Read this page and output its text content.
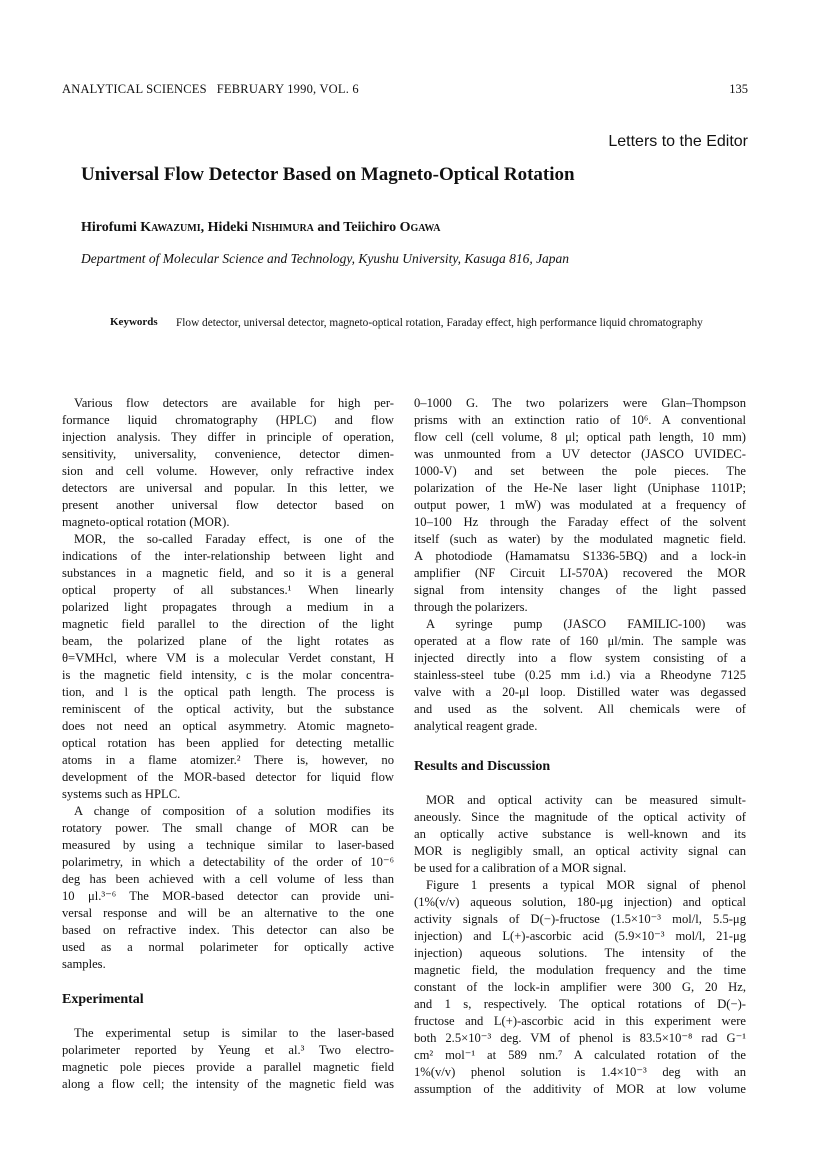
ANALYTICAL SCIENCES   FEBRUARY 1990, VOL. 6	135
Letters to the Editor
Universal Flow Detector Based on Magneto-Optical Rotation
Hirofumi Kawazumi, Hideki Nishimura and Teiichiro Ogawa
Department of Molecular Science and Technology, Kyushu University, Kasuga 816, Japan
Keywords Flow detector, universal detector, magneto-optical rotation, Faraday effect, high performance liquid chromatography
Various flow detectors are available for high per-
formance liquid chromatography (HPLC) and flow
injection analysis. They differ in principle of operation,
sensitivity, universality, convenience, detector dimen-
sion and cell volume. However, only refractive index
detectors are universal and popular. In this letter, we
present another universal flow detector based on
magneto-optical rotation (MOR).
MOR, the so-called Faraday effect, is one of the
indications of the inter-relationship between light and
substances in a magnetic field, and so it is a general
optical property of all substances.¹ When linearly
polarized light propagates through a medium in a
magnetic field parallel to the direction of the light
beam, the polarized plane of the light rotates as
θ=VMHcl, where VM is a molecular Verdet constant, H
is the magnetic field intensity, c is the molar concentra-
tion, and l is the optical path length. The process is
reminiscent of the optical activity, but the substance
does not need an optical asymmetry. Atomic magneto-
optical rotation has been applied for detecting metallic
atoms in a flame atomizer.² There is, however, no
development of the MOR-based detector for liquid flow
systems such as HPLC.
A change of composition of a solution modifies its
rotatory power. The small change of MOR can be
measured by using a technique similar to laser-based
polarimetry, in which a detectability of the order of 10⁻⁶
deg has been achieved with a cell volume of less than
10 μl.³⁻⁶ The MOR-based detector can provide uni-
versal response and will be an alternative to the one
based on refractive index. This detector can also be
used as a normal polarimeter for optically active
samples.
Experimental
The experimental setup is similar to the laser-based
polarimeter reported by Yeung et al.³ Two electro-
magnetic pole pieces provide a parallel magnetic field
along a flow cell; the intensity of the magnetic field was
0–1000 G. The two polarizers were Glan–Thompson
prisms with an extinction ratio of 10⁶. A conventional
flow cell (cell volume, 8 μl; optical path length, 10 mm)
was unmounted from a UV detector (JASCO UVIDEC-
1000-V) and set between the pole pieces. The
polarization of the He-Ne laser light (Uniphase 1101P;
output power, 1 mW) was modulated at a frequency of
10–100 Hz through the Faraday effect of the solvent
itself (such as water) by the modulated magnetic field.
A photodiode (Hamamatsu S1336-5BQ) and a lock-in
amplifier (NF Circuit LI-570A) recovered the MOR
signal from intensity changes of the light passed
through the polarizers.
A syringe pump (JASCO FAMILIC-100) was
operated at a flow rate of 160 μl/min. The sample was
injected directly into a flow system consisting of a
stainless-steel tube (0.25 mm i.d.) via a Rheodyne 7125
valve with a 20-μl loop. Distilled water was degassed
and used as the solvent. All chemicals were of
analytical reagent grade.
Results and Discussion
MOR and optical activity can be measured simult-
aneously. Since the magnitude of the optical activity of
an optically active substance is well-known and its
MOR is negligibly small, an optical activity signal can
be used for a calibration of a MOR signal.
Figure 1 presents a typical MOR signal of phenol
(1%(v/v) aqueous solution, 180-μg injection) and optical
activity signals of D(−)-fructose (1.5×10⁻³ mol/l, 5.5-μg
injection) and L(+)-ascorbic acid (5.9×10⁻³ mol/l, 21-μg
injection) aqueous solutions. The intensity of the
magnetic field, the modulation frequency and the time
constant of the lock-in amplifier were 300 G, 20 Hz,
and 1 s, respectively. The optical rotations of D(−)-
fructose and L(+)-ascorbic acid in this experiment were
both 2.5×10⁻³ deg. VM of phenol is 83.5×10⁻⁸ rad G⁻¹
cm² mol⁻¹ at 589 nm.⁷ A calculated rotation of the
1%(v/v) phenol solution is 1.4×10⁻³ deg with an
assumption of the additivity of MOR at low volume
